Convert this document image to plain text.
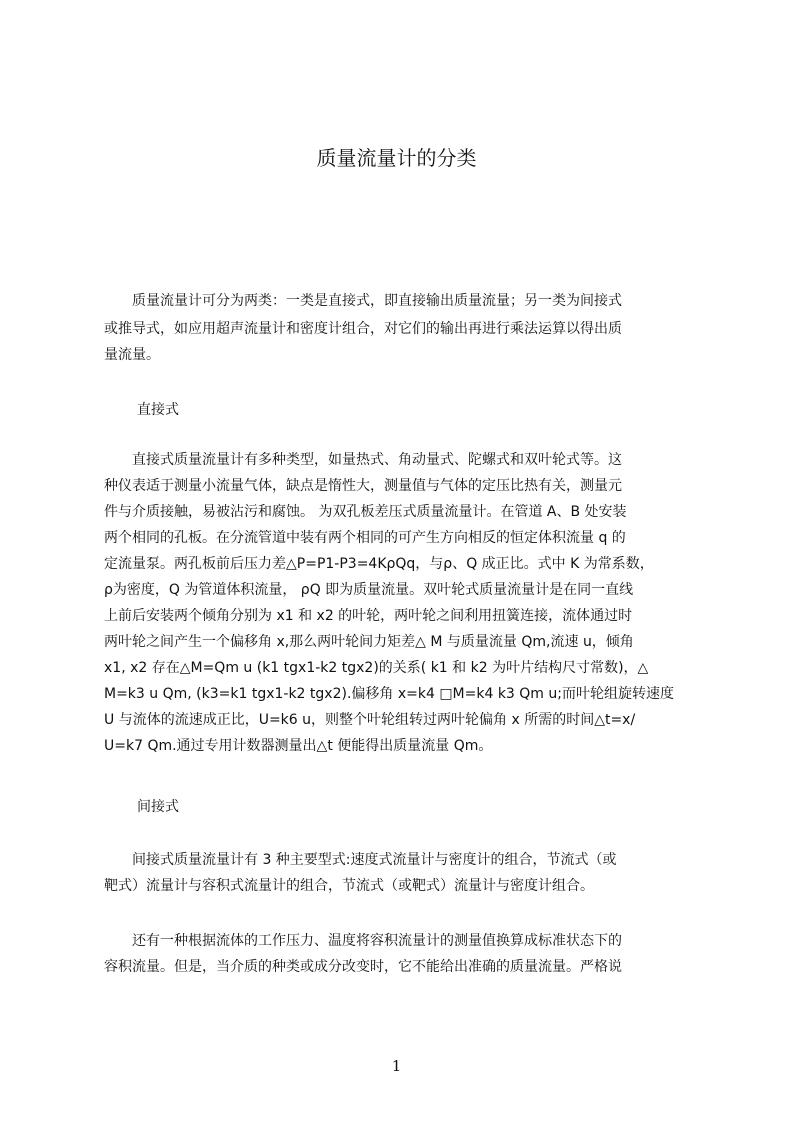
质量流量计的分类
　　质量流量计可分为两类：一类是直接式，即直接输出质量流量；另一类为间接式
或推导式，如应用超声流量计和密度计组合，对它们的输出再进行乘法运算以得出质
量流量。
直接式
　　直接式质量流量计有多种类型，如量热式、角动量式、陀螺式和双叶轮式等。这
种仪表适于测量小流量气体，缺点是惰性大，测量值与气体的定压比热有关，测量元
件与介质接触，易被沾污和腐蚀。 为双孔板差压式质量流量计。在管道 A、B 处安装
两个相同的孔板。在分流管道中装有两个相同的可产生方向相反的恒定体积流量 q 的
定流量泵。两孔板前后压力差△P=P1-P3=4KρQq，与ρ、Q 成正比。式中 K 为常系数，
ρ为密度，Q 为管道体积流量， ρQ 即为质量流量。双叶轮式质量流量计是在同一直线
上前后安装两个倾角分别为 x1 和 x2 的叶轮，两叶轮之间利用扭簧连接，流体通过时
两叶轮之间产生一个偏移角 x,那么两叶轮间力矩差△ M 与质量流量 Qm,流速 u，倾角
x1, x2 存在△M=Qm u (k1 tgx1-k2 tgx2)的关系( k1 和 k2 为叶片结构尺寸常数)，△
M=k3 u Qm, (k3=k1 tgx1-k2 tgx2).偏移角 x=k4 □M=k4 k3 Qm u;而叶轮组旋转速度
U 与流体的流速成正比，U=k6 u，则整个叶轮组转过两叶轮偏角 x 所需的时间△t=x/
U=k7 Qm.通过专用计数器测量出△t 便能得出质量流量 Qm。
间接式
　　间接式质量流量计有 3 种主要型式:速度式流量计与密度计的组合，节流式（或
靶式）流量计与容积式流量计的组合，节流式（或靶式）流量计与密度计组合。
　　还有一种根据流体的工作压力、温度将容积流量计的测量值换算成标准状态下的
容积流量。但是，当介质的种类或成分改变时，它不能给出准确的质量流量。严格说
1
